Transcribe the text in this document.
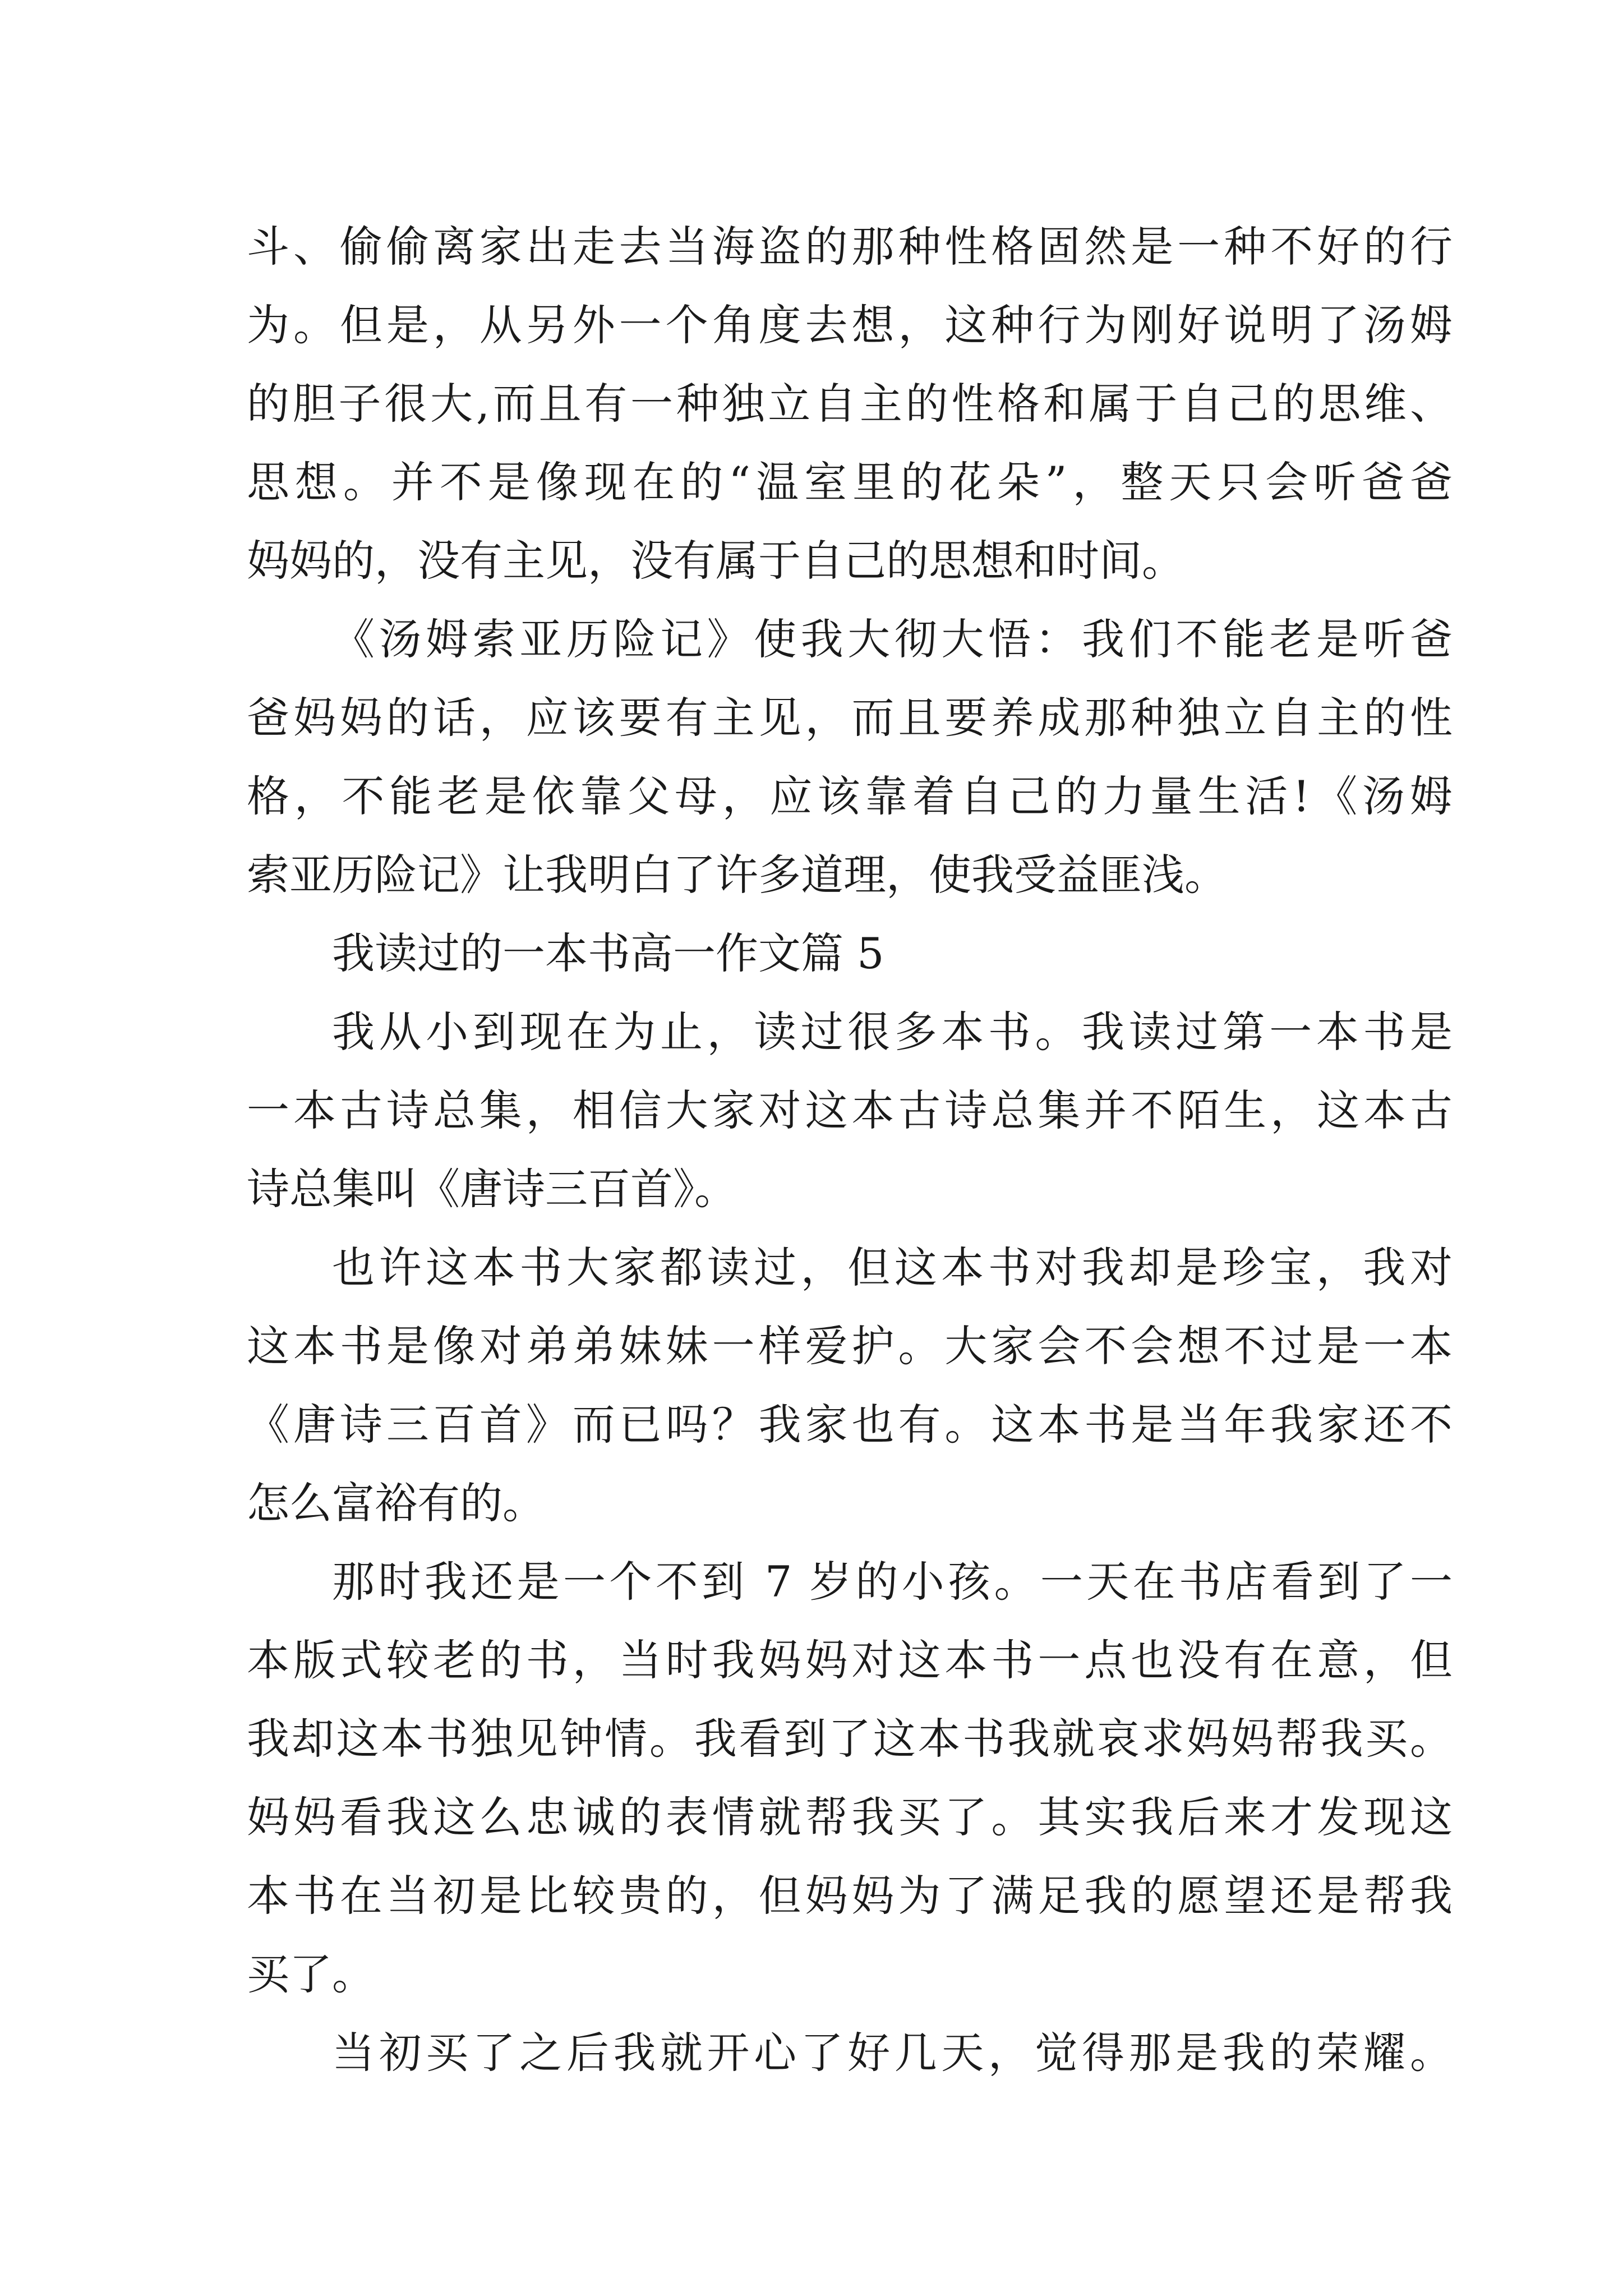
斗、偷偷离家出走去当海盗的那种性格固然是一种不好的行
为。但是，从另外一个角度去想，这种行为刚好说明了汤姆
的胆子很大,而且有一种独立自主的性格和属于自己的思维、
思想。并不是像现在的“温室里的花朵”，整天只会听爸爸
妈妈的，没有主见，没有属于自己的思想和时间。
《汤姆索亚历险记》使我大彻大悟：我们不能老是听爸
爸妈妈的话，应该要有主见，而且要养成那种独立自主的性
格，不能老是依靠父母，应该靠着自己的力量生活!《汤姆
索亚历险记》让我明白了许多道理，使我受益匪浅。
我读过的一本书高一作文篇 5
我从小到现在为止，读过很多本书。我读过第一本书是
一本古诗总集，相信大家对这本古诗总集并不陌生，这本古
诗总集叫《唐诗三百首》。
也许这本书大家都读过，但这本书对我却是珍宝，我对
这本书是像对弟弟妹妹一样爱护。大家会不会想不过是一本
《唐诗三百首》而已吗？我家也有。这本书是当年我家还不
怎么富裕有的。
那时我还是一个不到 7 岁的小孩。一天在书店看到了一
本版式较老的书，当时我妈妈对这本书一点也没有在意，但
我却这本书独见钟情。我看到了这本书我就哀求妈妈帮我买。
妈妈看我这么忠诚的表情就帮我买了。其实我后来才发现这
本书在当初是比较贵的，但妈妈为了满足我的愿望还是帮我
买了。
当初买了之后我就开心了好几天，觉得那是我的荣耀。
